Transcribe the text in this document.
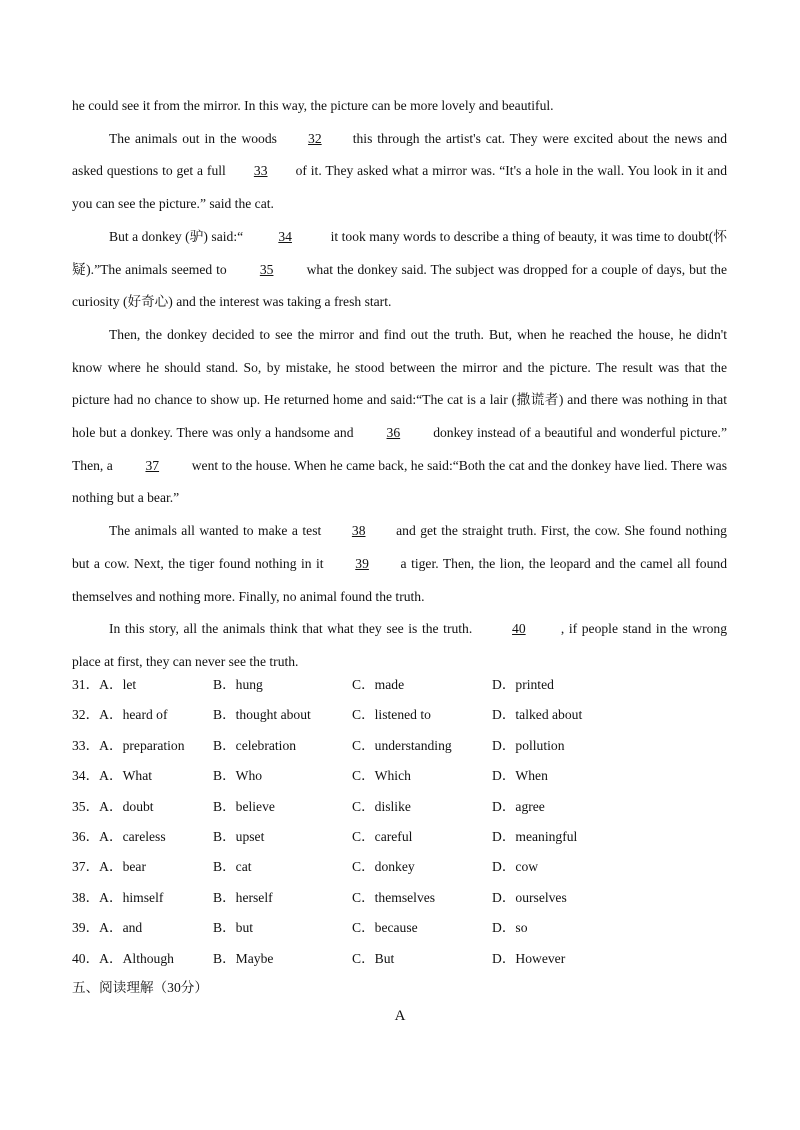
he could see it from the mirror. In this way, the picture can be more lovely and beautiful.
The animals out in the woods 32 this through the artist's cat. They were excited about the news and asked questions to get a full 33 of it. They asked what a mirror was. “It's a hole in the wall. You look in it and you can see the picture.” said the cat.
But a donkey (驴) said:“	34	it took many words to describe a thing of beauty, it was time to doubt(怀疑).”The animals seemed to 35 what the donkey said. The subject was dropped for a couple of days, but the curiosity (好奇心) and the interest was taking a fresh start.
Then, the donkey decided to see the mirror and find out the truth. But, when he reached the house, he didn't know where he should stand. So, by mistake, he stood between the mirror and the picture. The result was that the picture had no chance to show up. He returned home and said:“The cat is a lair (撒谎者) and there was nothing in that hole but a donkey. There was only a handsome and 36 donkey instead of a beautiful and wonderful picture.” Then, a 37 went to the house. When he came back, he said:“Both the cat and the donkey have lied. There was nothing but a bear.”
The animals all wanted to make a test 38 and get the straight truth. First, the cow. She found nothing but a cow. Next, the tiger found nothing in it 39 a tiger. Then, the lion, the leopard and the camel all found themselves and nothing more. Finally, no animal found the truth.
In this story, all the animals think that what they see is the truth.	40	, if people stand in the wrong place at first, they can never see the truth.

31．A．let	B．hung	C．made	D．printed
32．A．heard of	B．thought about	C．listened to	D．talked about
33．A．preparation B．celebration	C．understanding	D．pollution
34．A．What	B．Who	C．Which	D．When
35．A．doubt	B．believe	C．dislike	D．agree
36．A．careless	B．upset	C．careful	D．meaningful
37．A．bear	B．cat	C．donkey	D．cow
38．A．himself	B．herself	C．themselves	D．ourselves
39．A．and	B．but	C．because	D．so
40．A．Although	B．Maybe	C．But	D．However
五、阅读理解（30分）
A
